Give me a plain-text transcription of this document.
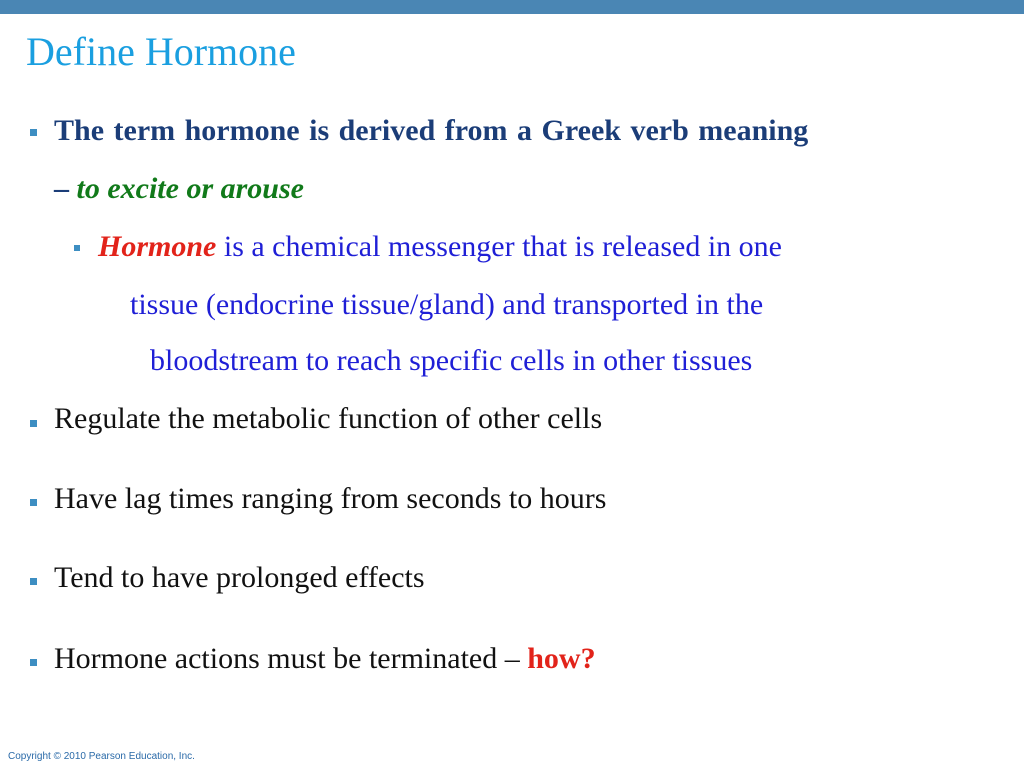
Define Hormone
The term hormone is derived from a Greek verb meaning
– to excite or arouse
Hormone is a chemical messenger that is released in one
tissue (endocrine tissue/gland) and transported in the
bloodstream to reach specific cells in other tissues
Regulate the metabolic function of other cells
Have lag times ranging from seconds to hours
Tend to have prolonged effects
Hormone actions must be terminated – how?
Copyright © 2010 Pearson Education, Inc.
